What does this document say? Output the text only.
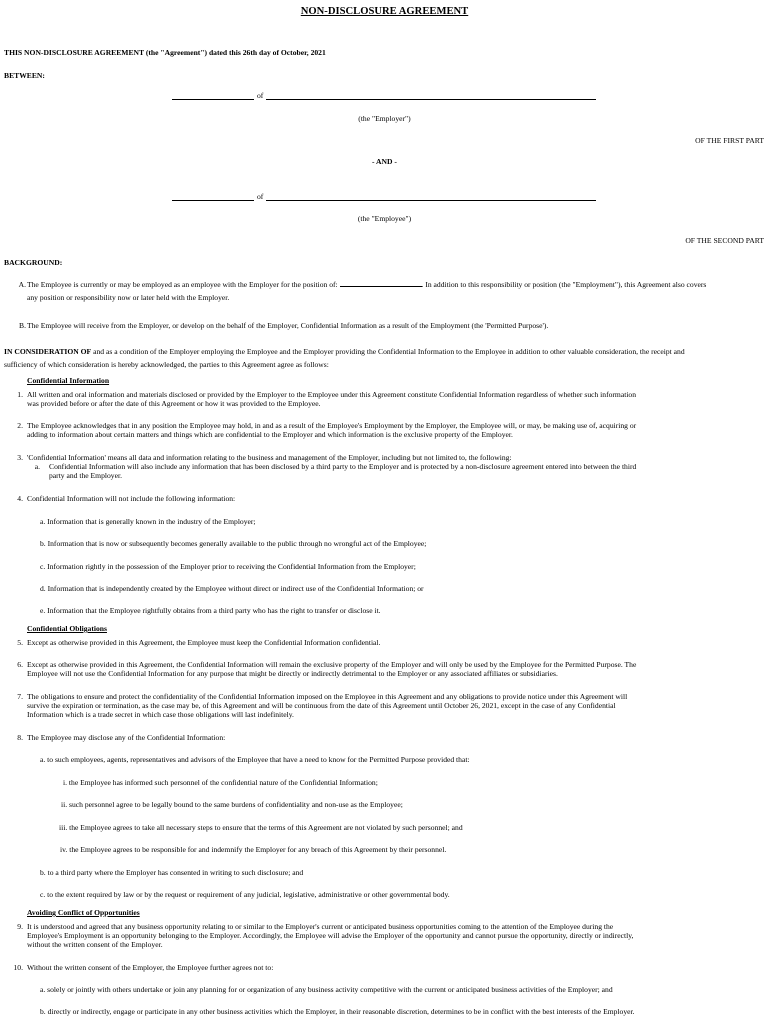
NON-DISCLOSURE AGREEMENT
THIS NON-DISCLOSURE AGREEMENT (the "Agreement") dated this 26th day of October, 2021
BETWEEN:
of
(the "Employer")
OF THE FIRST PART
- AND -
of
(the "Employee")
OF THE SECOND PART
BACKGROUND:
A. The Employee is currently or may be employed as an employee with the Employer for the position of:	. In addition to this responsibility or position (the "Employment"), this Agreement also covers
any position or responsibility now or later held with the Employer.
B. The Employee will receive from the Employer, or develop on the behalf of the Employer, Confidential Information as a result of the Employment (the 'Permitted Purpose').
IN CONSIDERATION OF and as a condition of the Employer employing the Employee and the Employer providing the Confidential Information to the Employee in addition to other valuable consideration, the receipt and
sufficiency of which consideration is hereby acknowledged, the parties to this Agreement agree as follows:
Confidential Information
1. All written and oral information and materials disclosed or provided by the Employer to the Employee under this Agreement constitute Confidential Information regardless of whether such information
was provided before or after the date of this Agreement or how it was provided to the Employee.
2. The Employee acknowledges that in any position the Employee may hold, in and as a result of the Employee's Employment by the Employer, the Employee will, or may, be making use of, acquiring or
adding to information about certain matters and things which are confidential to the Employer and which information is the exclusive property of the Employer.
3. 'Confidential Information' means all data and information relating to the business and management of the Employer, including but not limited to, the following:
a. Confidential Information will also include any information that has been disclosed by a third party to the Employer and is protected by a non-disclosure agreement entered into between the third
party and the Employer.
4. Confidential Information will not include the following information:
a. Information that is generally known in the industry of the Employer;
b. Information that is now or subsequently becomes generally available to the public through no wrongful act of the Employee;
c. Information rightly in the possession of the Employer prior to receiving the Confidential Information from the Employer;
d. Information that is independently created by the Employee without direct or indirect use of the Confidential Information; or
e. Information that the Employee rightfully obtains from a third party who has the right to transfer or disclose it.
Confidential Obligations
5. Except as otherwise provided in this Agreement, the Employee must keep the Confidential Information confidential.
6. Except as otherwise provided in this Agreement, the Confidential Information will remain the exclusive property of the Employer and will only be used by the Employee for the Permitted Purpose. The
Employee will not use the Confidential Information for any purpose that might be directly or indirectly detrimental to the Employer or any associated affiliates or subsidiaries.
7. The obligations to ensure and protect the confidentiality of the Confidential Information imposed on the Employee in this Agreement and any obligations to provide notice under this Agreement will
survive the expiration or termination, as the case may be, of this Agreement and will be continuous from the date of this Agreement until October 26, 2021, except in the case of any Confidential
Information which is a trade secret in which case those obligations will last indefinitely.
8. The Employee may disclose any of the Confidential Information:
a. to such employees, agents, representatives and advisors of the Employee that have a need to know for the Permitted Purpose provided that:
i. the Employee has informed such personnel of the confidential nature of the Confidential Information;
ii. such personnel agree to be legally bound to the same burdens of confidentiality and non-use as the Employee;
iii. the Employee agrees to take all necessary steps to ensure that the terms of this Agreement are not violated by such personnel; and
iv. the Employee agrees to be responsible for and indemnify the Employer for any breach of this Agreement by their personnel.
b. to a third party where the Employer has consented in writing to such disclosure; and
c. to the extent required by law or by the request or requirement of any judicial, legislative, administrative or other governmental body.
Avoiding Conflict of Opportunities
9. It is understood and agreed that any business opportunity relating to or similar to the Employer's current or anticipated business opportunities coming to the attention of the Employee during the
Employee's Employment is an opportunity belonging to the Employer. Accordingly, the Employee will advise the Employer of the opportunity and cannot pursue the opportunity, directly or indirectly,
without the written consent of the Employer.
10. Without the written consent of the Employer, the Employee further agrees not to:
a. solely or jointly with others undertake or join any planning for or organization of any business activity competitive with the current or anticipated business activities of the Employer; and
b. directly or indirectly, engage or participate in any other business activities which the Employer, in their reasonable discretion, determines to be in conflict with the best interests of the Employer.
